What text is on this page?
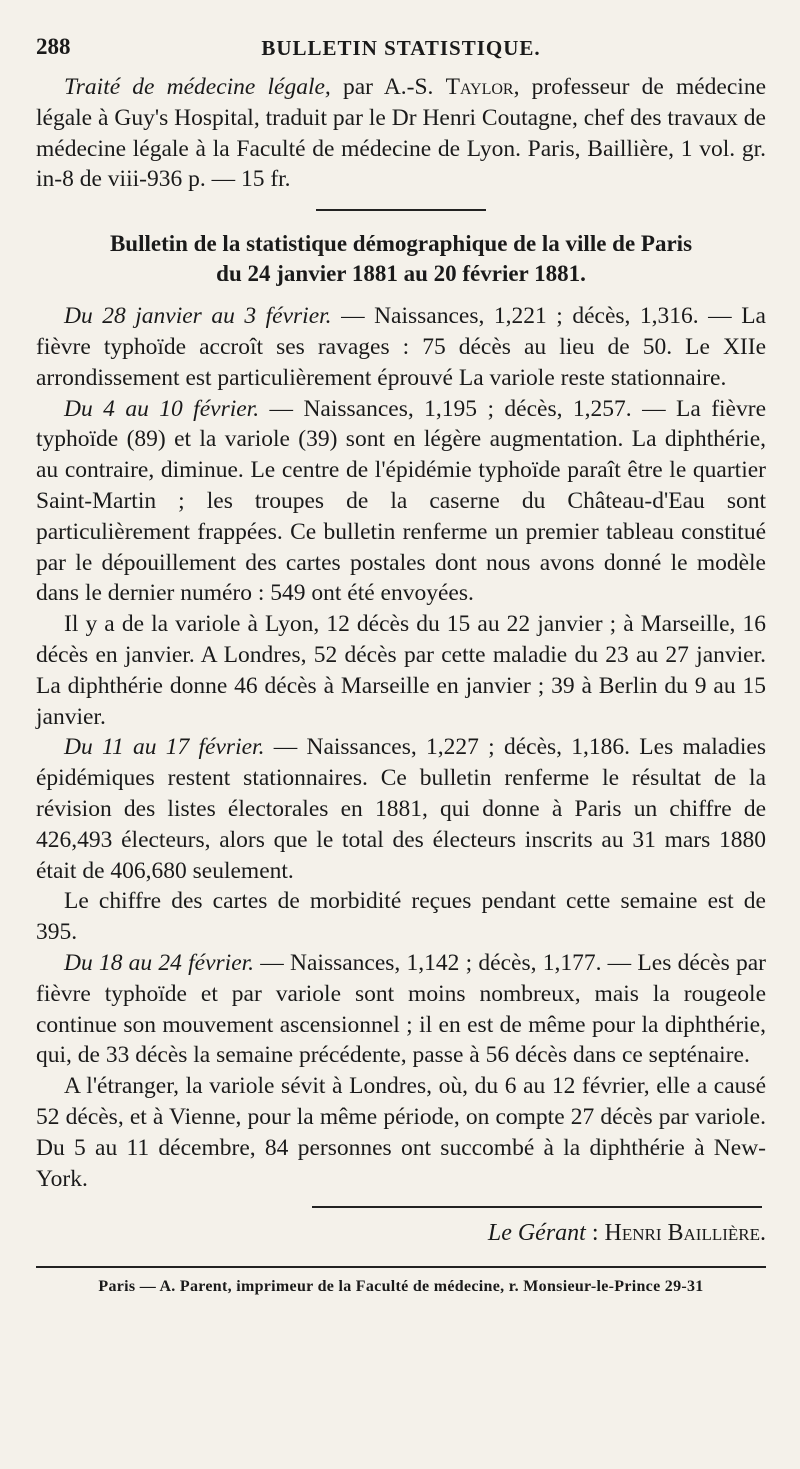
288	BULLETIN STATISTIQUE.

Traité de médecine légale, par A.-S. Taylor, professeur de médecine légale à Guy's Hospital, traduit par le Dr Henri Coutagne, chef des travaux de médecine légale à la Faculté de médecine de Lyon. Paris, Baillière, 1 vol. gr. in-8 de viii-936 p. — 15 fr.

Bulletin de la statistique démographique de la ville de Paris
du 24 janvier 1881 au 20 février 1881.

Du 28 janvier au 3 février. — Naissances, 1,221 ; décès, 1,316. — La fièvre typhoïde accroît ses ravages : 75 décès au lieu de 50. Le XIIe arrondissement est particulièrement éprouvé La variole reste stationnaire.

Du 4 au 10 février. — Naissances, 1,195 ; décès, 1,257. — La fièvre typhoïde (89) et la variole (39) sont en légère augmentation. La diphthérie, au contraire, diminue. Le centre de l'épidémie typhoïde paraît être le quartier Saint-Martin ; les troupes de la caserne du Château-d'Eau sont particulièrement frappées. Ce bulletin renferme un premier tableau constitué par le dépouillement des cartes postales dont nous avons donné le modèle dans le dernier numéro : 549 ont été envoyées.

Il y a de la variole à Lyon, 12 décès du 15 au 22 janvier ; à Marseille, 16 décès en janvier. A Londres, 52 décès par cette maladie du 23 au 27 janvier. La diphthérie donne 46 décès à Marseille en janvier ; 39 à Berlin du 9 au 15 janvier.

Du 11 au 17 février. — Naissances, 1,227 ; décès, 1,186. Les maladies épidémiques restent stationnaires. Ce bulletin renferme le résultat de la révision des listes électorales en 1881, qui donne à Paris un chiffre de 426,493 électeurs, alors que le total des électeurs inscrits au 31 mars 1880 était de 406,680 seulement.

Le chiffre des cartes de morbidité reçues pendant cette semaine est de 395.

Du 18 au 24 février. — Naissances, 1,142 ; décès, 1,177. — Les décès par fièvre typhoïde et par variole sont moins nombreux, mais la rougeole continue son mouvement ascensionnel ; il en est de même pour la diphthérie, qui, de 33 décès la semaine précédente, passe à 56 décès dans ce septénaire.

A l'étranger, la variole sévit à Londres, où, du 6 au 12 février, elle a causé 52 décès, et à Vienne, pour la même période, on compte 27 décès par variole. Du 5 au 11 décembre, 84 personnes ont succombé à la diphthérie à New-York.

Le Gérant : Henri Baillière.
Paris — A. Parent, imprimeur de la Faculté de médecine, r. Monsieur-le-Prince 29-31
